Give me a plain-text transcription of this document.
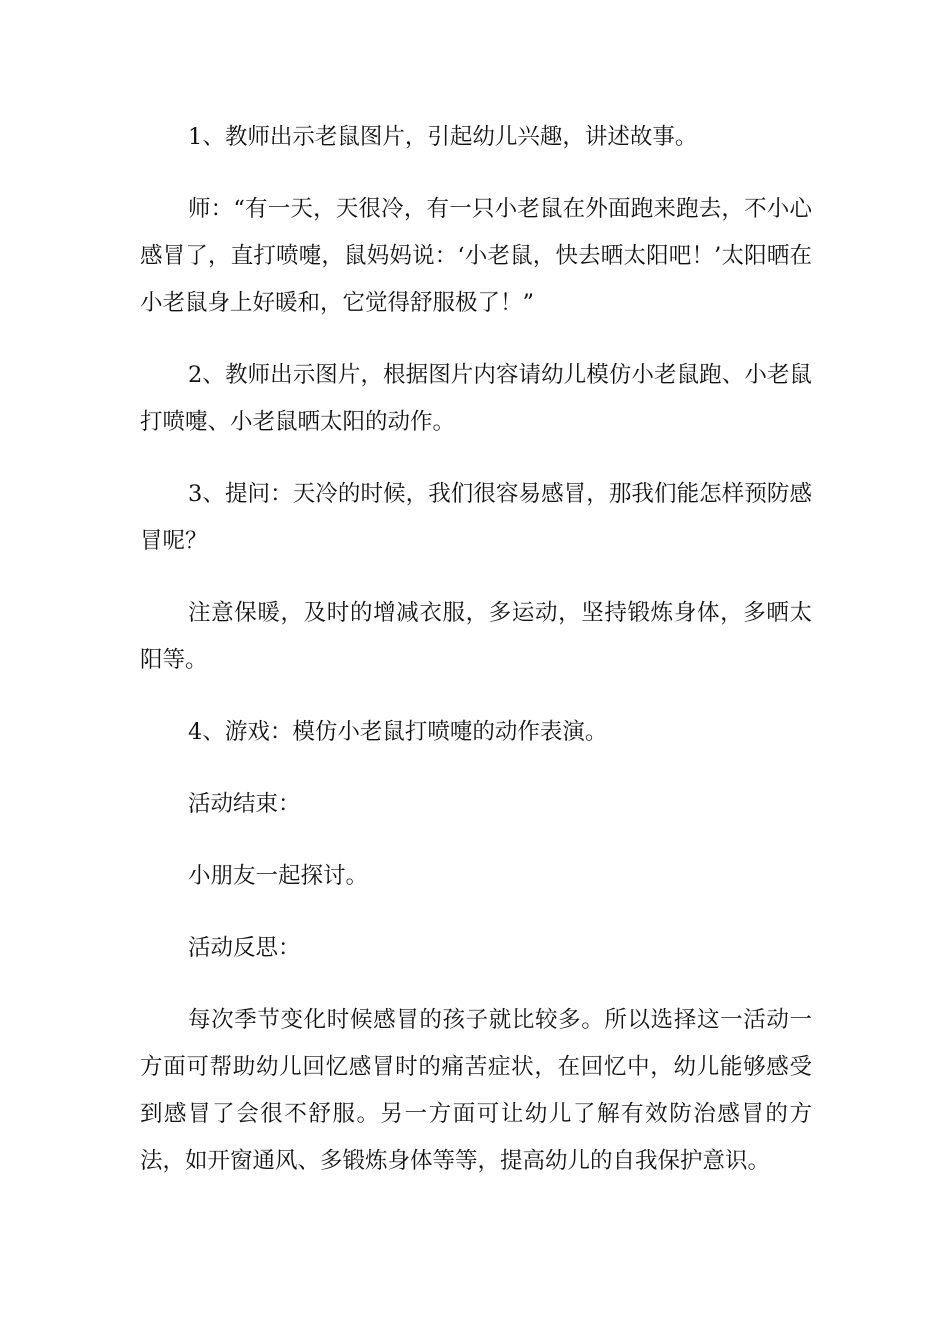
1、教师出示老鼠图片，引起幼儿兴趣，讲述故事。

师：“有一天，天很冷，有一只小老鼠在外面跑来跑去，不小心感冒了，直打喷嚏，鼠妈妈说：‘小老鼠，快去晒太阳吧！’太阳晒在小老鼠身上好暖和，它觉得舒服极了！”

2、教师出示图片，根据图片内容请幼儿模仿小老鼠跑、小老鼠打喷嚏、小老鼠晒太阳的动作。

3、提问：天冷的时候，我们很容易感冒，那我们能怎样预防感冒呢？

注意保暖，及时的增减衣服，多运动，坚持锻炼身体，多晒太阳等。

4、游戏：模仿小老鼠打喷嚏的动作表演。

活动结束：

小朋友一起探讨。

活动反思：

每次季节变化时候感冒的孩子就比较多。所以选择这一活动一方面可帮助幼儿回忆感冒时的痛苦症状，在回忆中，幼儿能够感受到感冒了会很不舒服。另一方面可让幼儿了解有效防治感冒的方法，如开窗通风、多锻炼身体等等，提高幼儿的自我保护意识。
